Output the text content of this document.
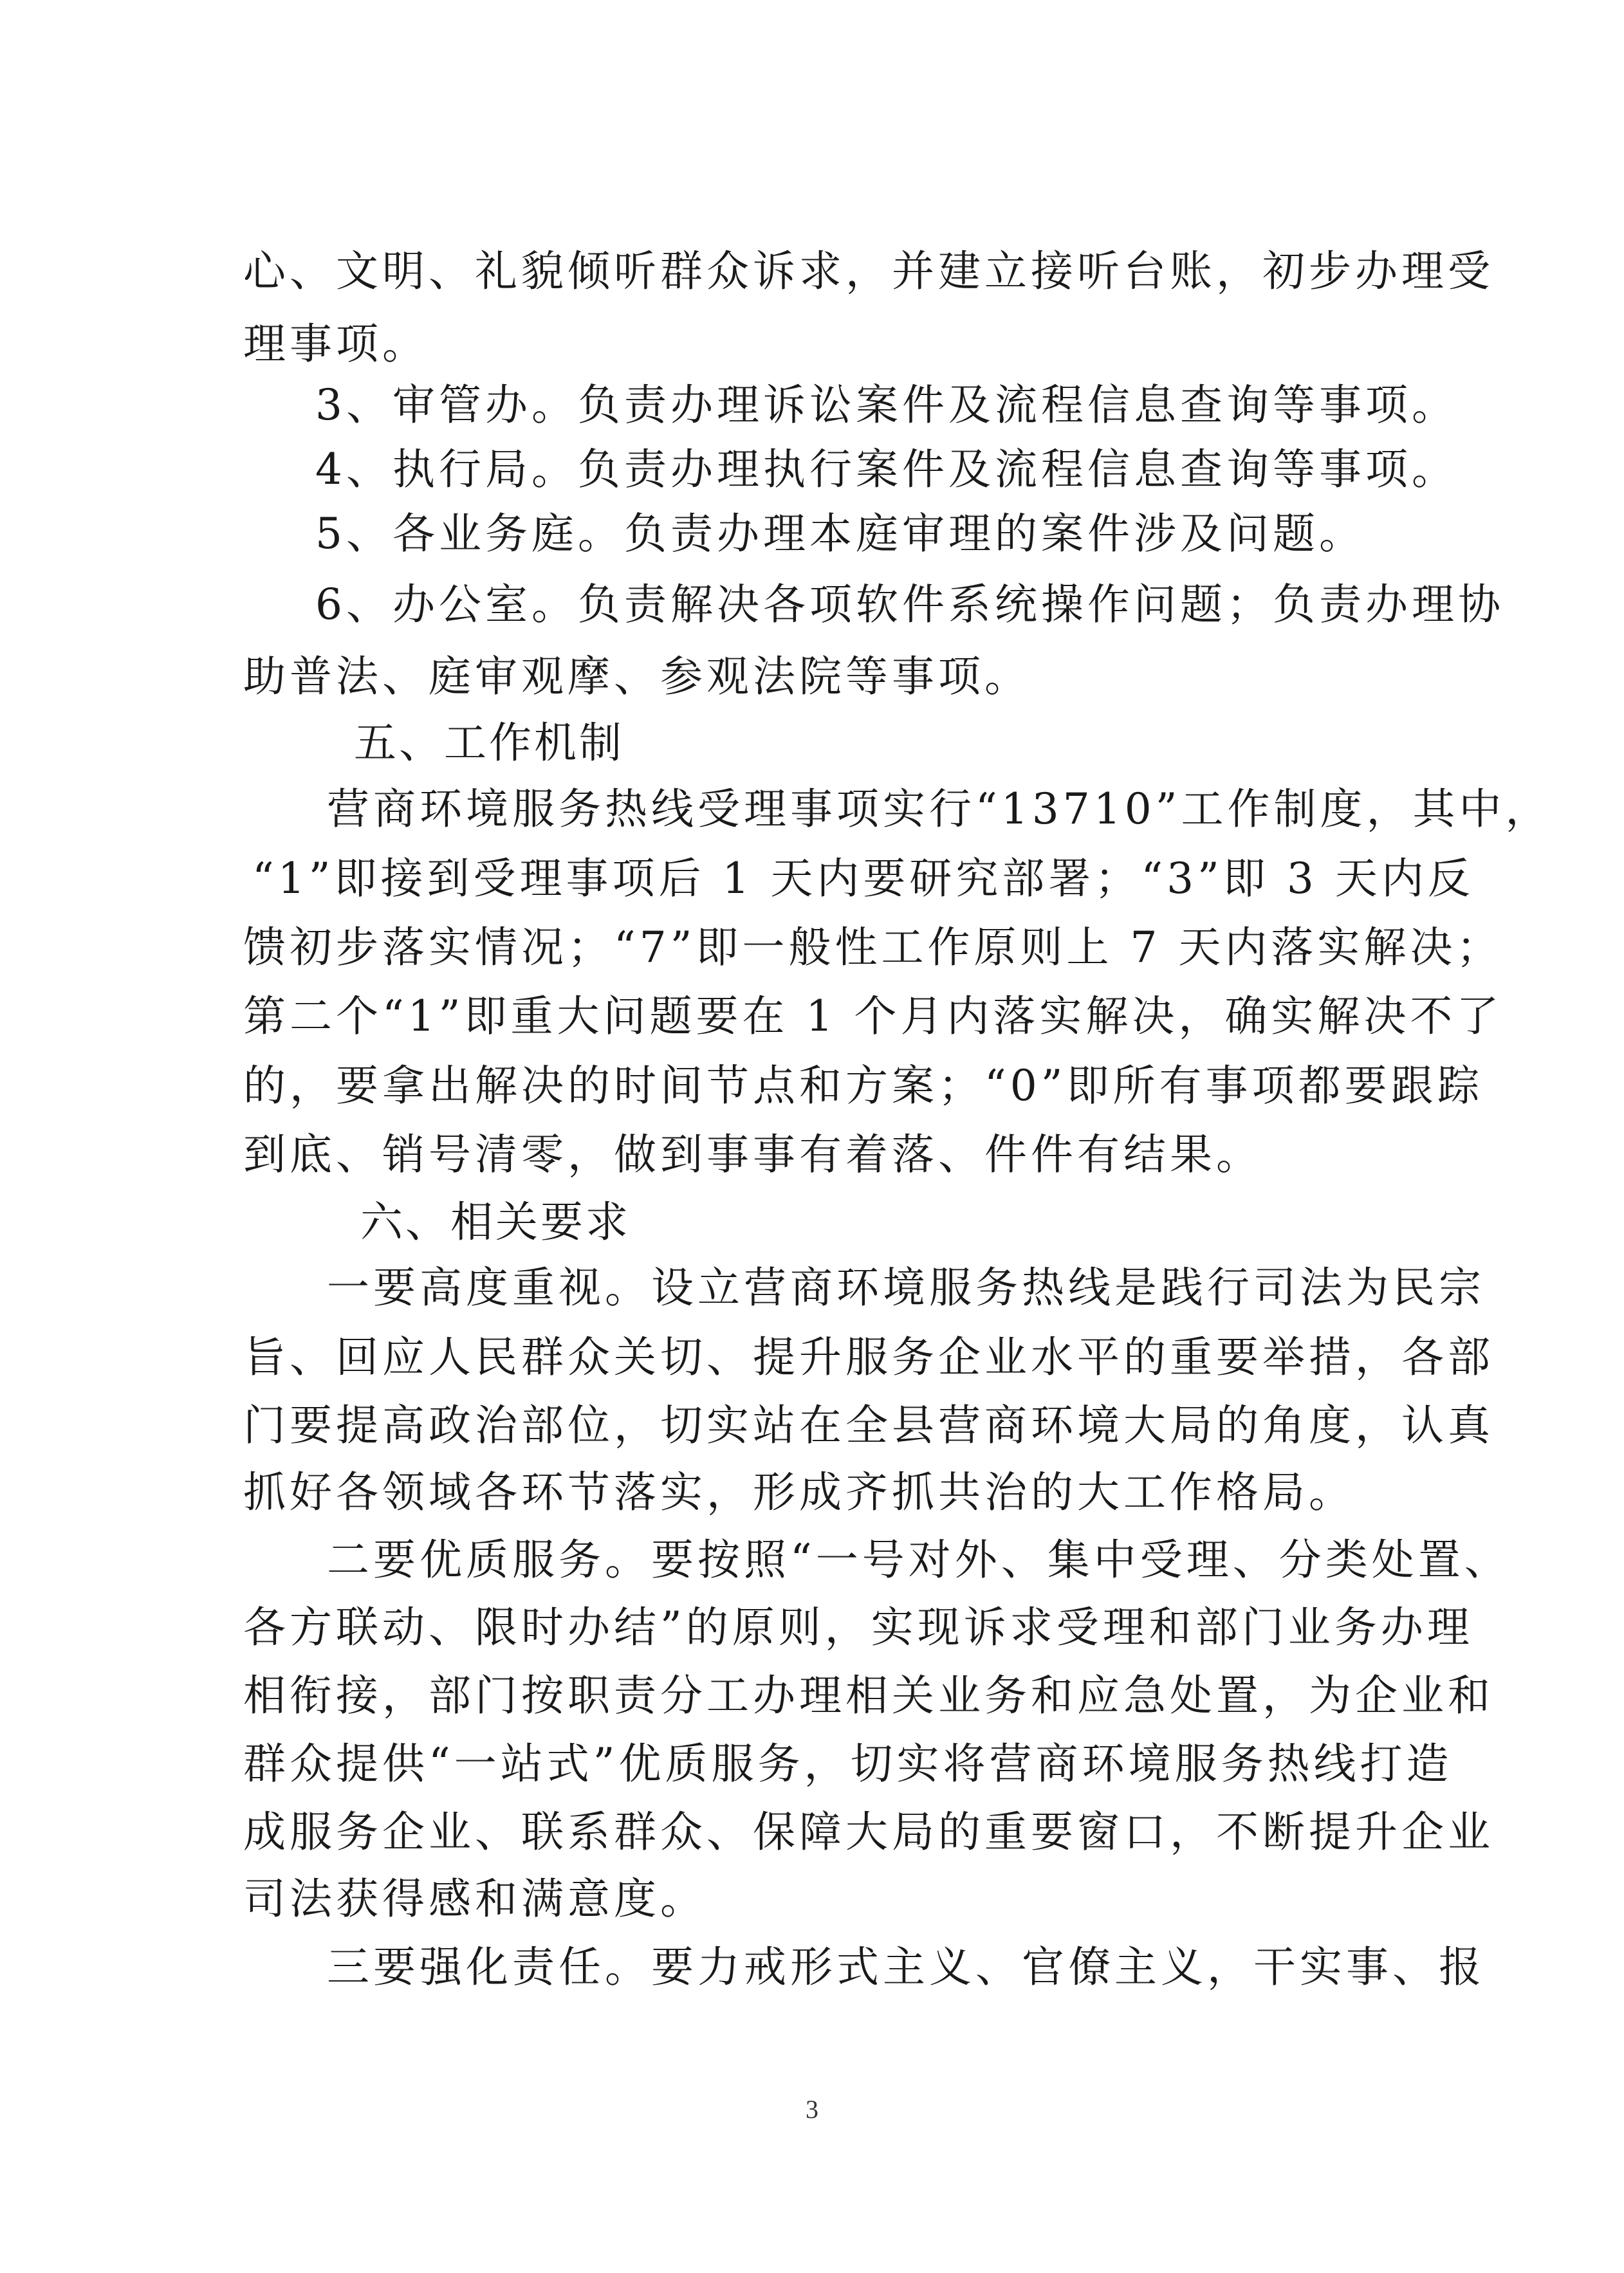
心、文明、礼貌倾听群众诉求，并建立接听台账，初步办理受
理事项。
3、审管办。负责办理诉讼案件及流程信息查询等事项。
4、执行局。负责办理执行案件及流程信息查询等事项。
5、各业务庭。负责办理本庭审理的案件涉及问题。
6、办公室。负责解决各项软件系统操作问题；负责办理协
助普法、庭审观摩、参观法院等事项。
五、工作机制
营商环境服务热线受理事项实行“13710”工作制度，其中，
“1”即接到受理事项后 1 天内要研究部署；“3”即 3 天内反
馈初步落实情况；“7”即一般性工作原则上 7 天内落实解决；
第二个“1”即重大问题要在 1 个月内落实解决，确实解决不了
的，要拿出解决的时间节点和方案；“0”即所有事项都要跟踪
到底、销号清零，做到事事有着落、件件有结果。
六、相关要求
一要高度重视。设立营商环境服务热线是践行司法为民宗
旨、回应人民群众关切、提升服务企业水平的重要举措，各部
门要提高政治部位，切实站在全县营商环境大局的角度，认真
抓好各领域各环节落实，形成齐抓共治的大工作格局。
二要优质服务。要按照“一号对外、集中受理、分类处置、
各方联动、限时办结”的原则，实现诉求受理和部门业务办理
相衔接，部门按职责分工办理相关业务和应急处置，为企业和
群众提供“一站式”优质服务，切实将营商环境服务热线打造
成服务企业、联系群众、保障大局的重要窗口，不断提升企业
司法获得感和满意度。
三要强化责任。要力戒形式主义、官僚主义，干实事、报
3
